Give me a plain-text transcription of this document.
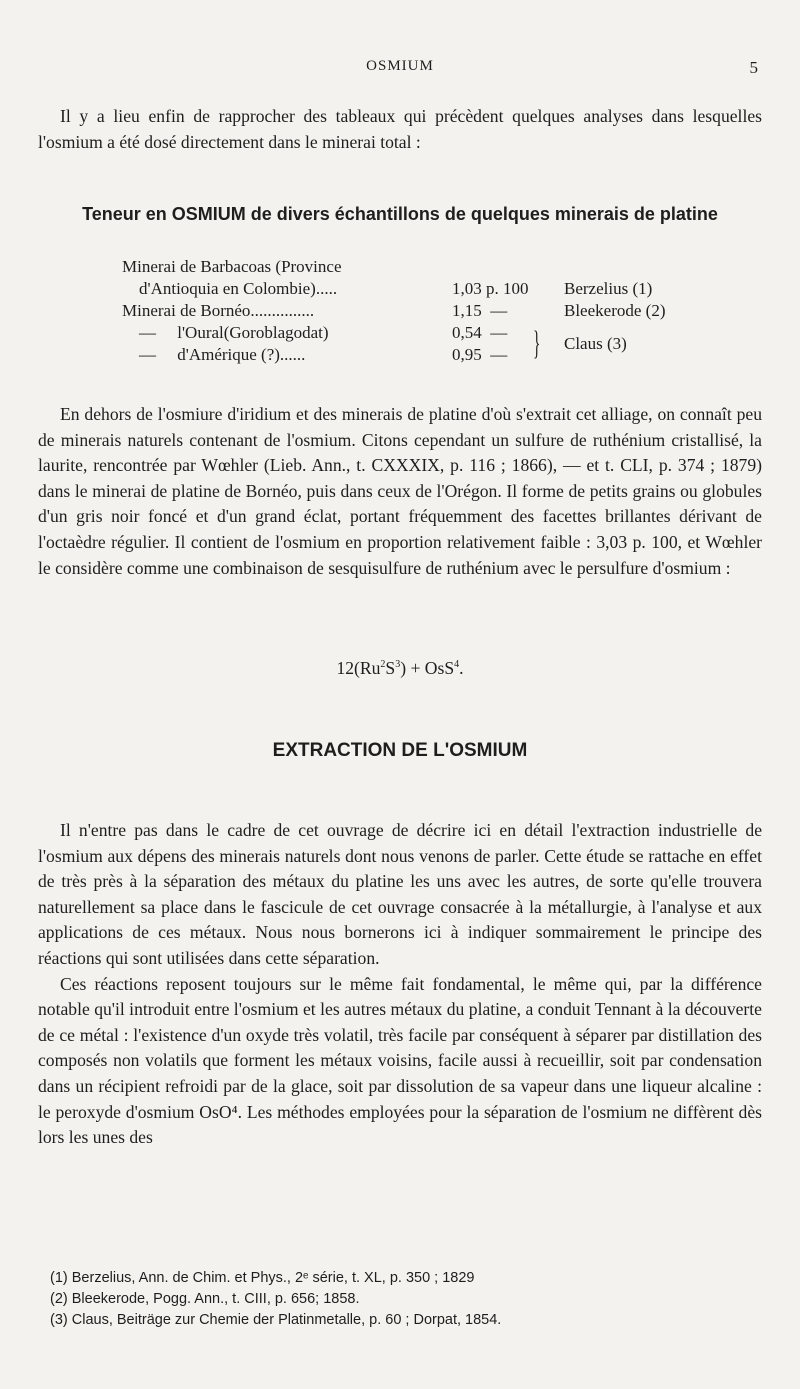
OSMIUM	5

Il y a lieu enfin de rapprocher des tableaux qui précèdent quelques analyses dans lesquelles l'osmium a été dosé directement dans le minerai total :

Teneur en OSMIUM de divers échantillons de quelques minerais de platine
Minerai de Barbacoas (Province
d'Antioquia en Colombie).....	1,03 p. 100 Berzelius (1)
Minerai de Bornéo...............	1,15  —	Bleekerode (2)
—     l'Oural(Goroblagodat)	0,54  —
—     d'Amérique (?)......	0,95  — } Claus (3)

En dehors de l'osmiure d'iridium et des minerais de platine d'où s'extrait cet alliage, on connaît peu de minerais naturels contenant de l'osmium. Citons cependant un sulfure de ruthénium cristallisé, la laurite, rencontrée par Wœhler (Lieb. Ann., t. CXXXIX, p. 116 ; 1866), — et t. CLI, p. 374 ; 1879) dans le minerai de platine de Bornéo, puis dans ceux de l'Orégon. Il forme de petits grains ou globules d'un gris noir foncé et d'un grand éclat, portant fréquemment des facettes brillantes dérivant de l'octaèdre régulier. Il contient de l'osmium en proportion relativement faible : 3,03 p. 100, et Wœhler le considère comme une combinaison de sesquisulfure de ruthénium avec le persulfure d'osmium :

$12(Ru^2S^3) + OsS^4$.
EXTRACTION DE L'OSMIUM

Il n'entre pas dans le cadre de cet ouvrage de décrire ici en détail l'extraction industrielle de l'osmium aux dépens des minerais naturels dont nous venons de parler. Cette étude se rattache en effet de très près à la séparation des métaux du platine les uns avec les autres, de sorte qu'elle trouvera naturellement sa place dans le fascicule de cet ouvrage consacrée à la métallurgie, à l'analyse et aux applications de ces métaux. Nous nous bornerons ici à indiquer sommairement le principe des réactions qui sont utilisées dans cette séparation.

Ces réactions reposent toujours sur le même fait fondamental, le même qui, par la différence notable qu'il introduit entre l'osmium et les autres métaux du platine, a conduit Tennant à la découverte de ce métal : l'existence d'un oxyde très volatil, très facile par conséquent à séparer par distillation des composés non volatils que forment les métaux voisins, facile aussi à recueillir, soit par condensation dans un récipient refroidi par de la glace, soit par dissolution de sa vapeur dans une liqueur alcaline : le peroxyde d'osmium OsO⁴. Les méthodes employées pour la séparation de l'osmium ne diffèrent dès lors les unes des

(1) Berzelius, Ann. de Chim. et Phys., 2ᵉ série, t. XL, p. 350 ; 1829
(2) Bleekerode, Pogg. Ann., t. CIII, p. 656; 1858.
(3) Claus, Beiträge zur Chemie der Platinmetalle, p. 60 ; Dorpat, 1854.
